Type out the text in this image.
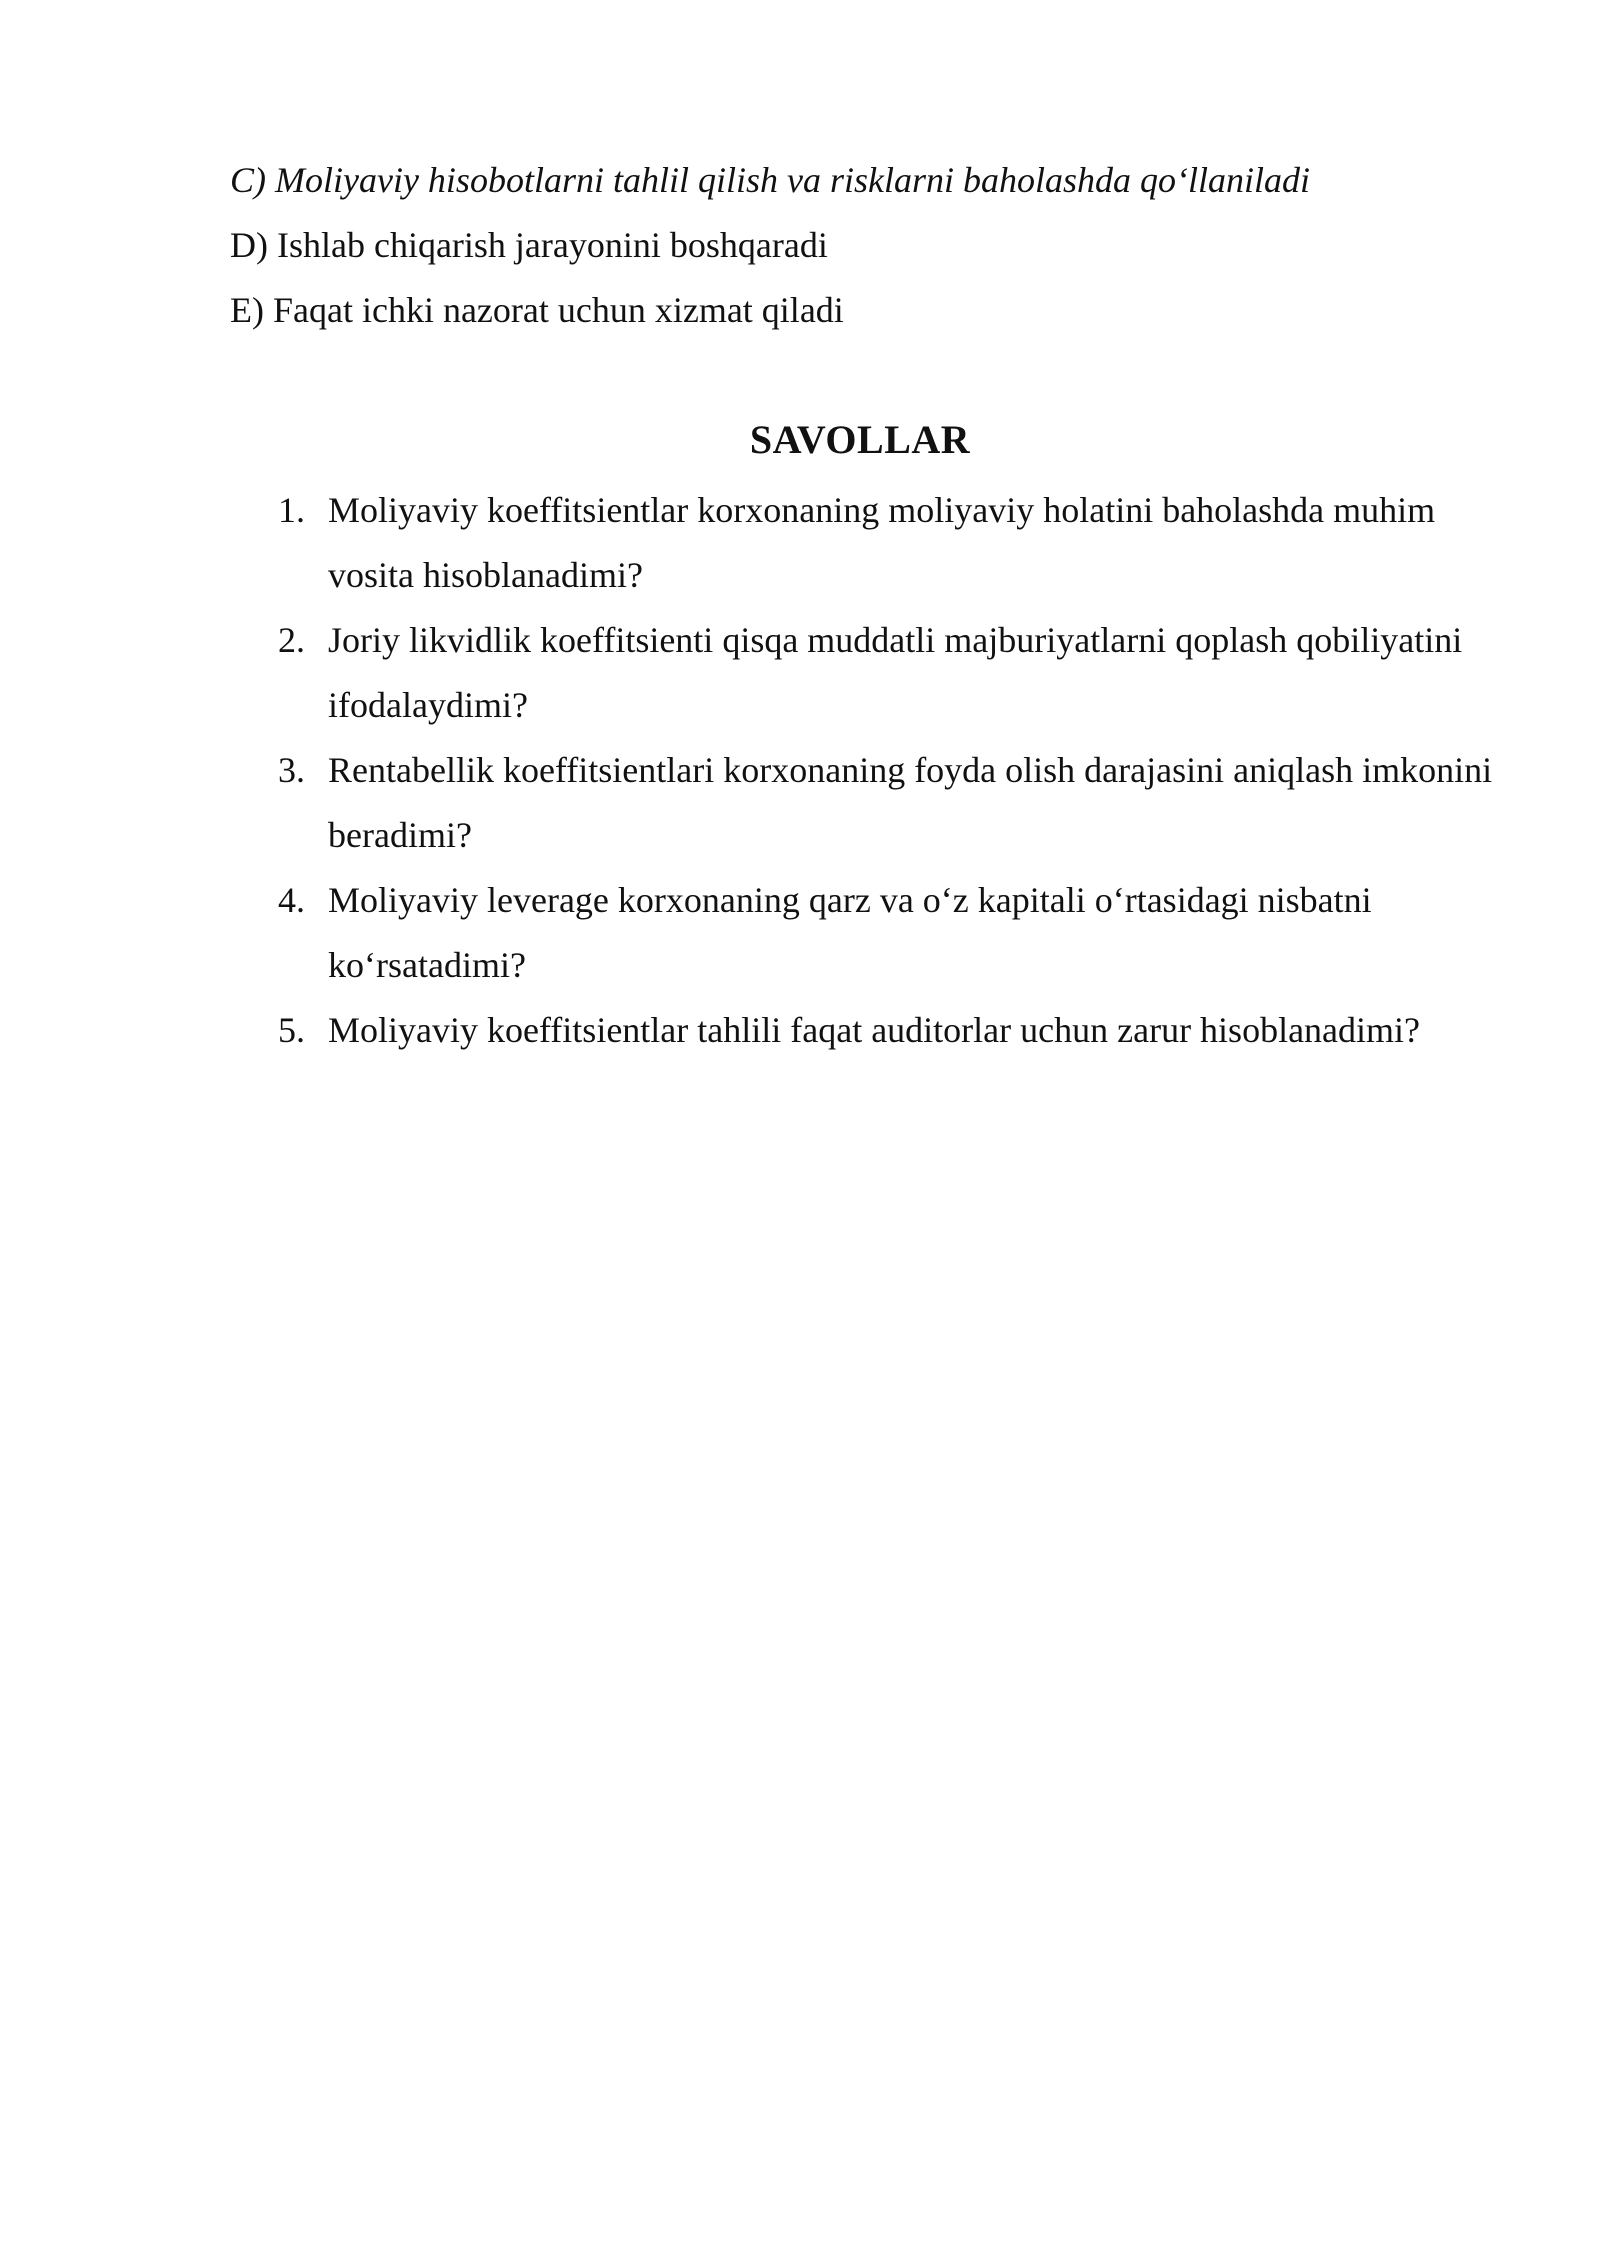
C) Moliyaviy hisobotlarni tahlil qilish va risklarni baholashda qo‘llaniladi
D) Ishlab chiqarish jarayonini boshqaradi
E) Faqat ichki nazorat uchun xizmat qiladi
SAVOLLAR
1. Moliyaviy koeffitsientlar korxonaning moliyaviy holatini baholashda muhim vosita hisoblanadimi?
2. Joriy likvidlik koeffitsienti qisqa muddatli majburiyatlarni qoplash qobiliyatini ifodalaydimi?
3. Rentabellik koeffitsientlari korxonaning foyda olish darajasini aniqlash imkonini beradimi?
4. Moliyaviy leverage korxonaning qarz va o‘z kapitali o‘rtasidagi nisbatni ko‘rsatadimi?
5. Moliyaviy koeffitsientlar tahlili faqat auditorlar uchun zarur hisoblanadimi?
